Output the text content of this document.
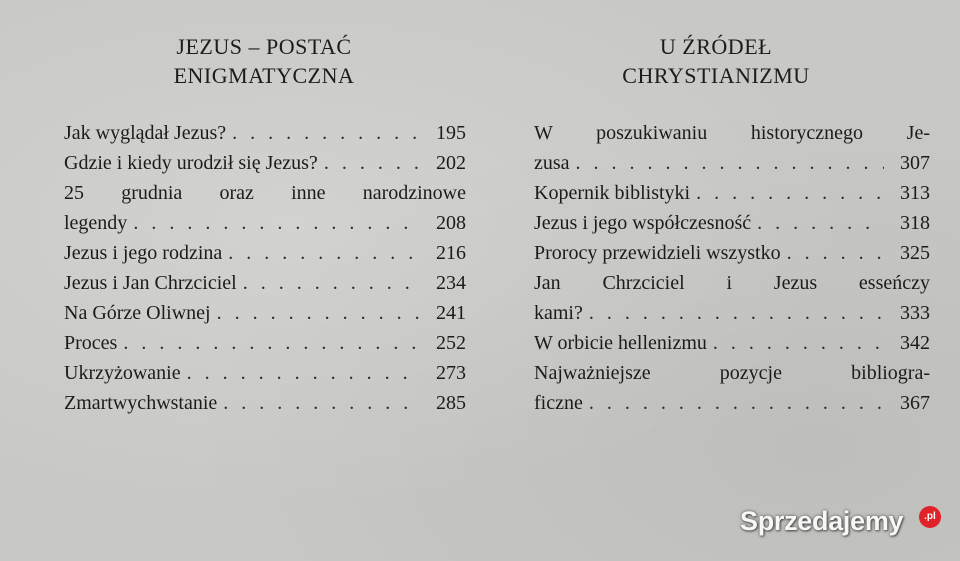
JEZUS – POSTAĆ
ENIGMATYCZNA
Jak wyglądał Jezus? . . .	195
Gdzie i kiedy urodził się Jezus? . . .	202
25 grudnia oraz inne narodzinowe
legendy . . .	208
Jezus i jego rodzina . . .	216
Jezus i Jan Chrzciciel . . .	234
Na Górze Oliwnej . . .	241
Proces . . .	252
Ukrzyżowanie . . .	273
Zmartwychwstanie . . .	285
U ŹRÓDEŁ
CHRYSTIANIZMU
W poszukiwaniu historycznego Je-
zusa . . .	307
Kopernik biblistyki . . .	313
Jezus i jego współczesność . . .	318
Prorocy przewidzieli wszystko . . .	325
Jan Chrzciciel i Jezus esseńczy
kami? . . .	333
W orbicie hellenizmu . . .	342
Najważniejsze pozycje bibliogra-
ficzne . . .	367
Sprzedajemy	.pl
